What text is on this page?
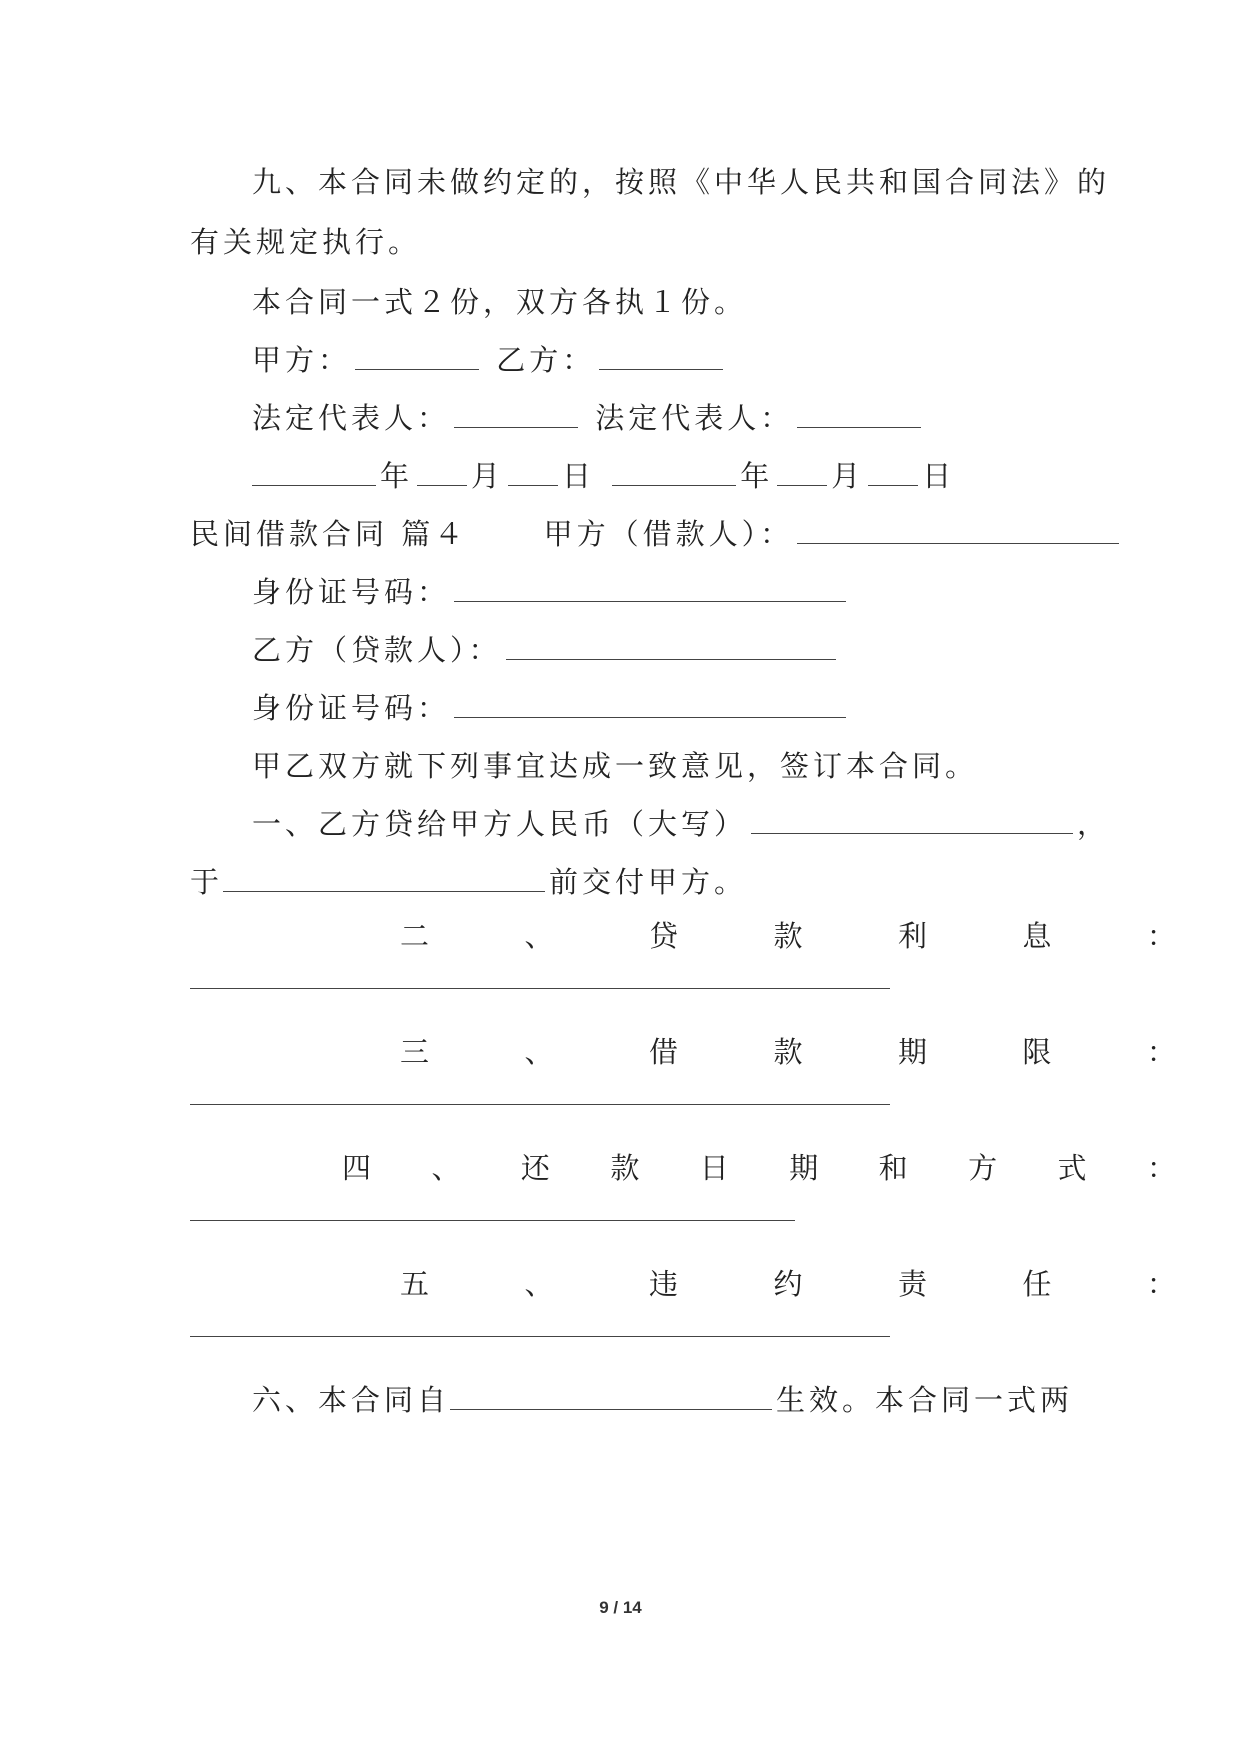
九、本合同未做约定的，按照《中华人民共和国合同法》的
有关规定执行。
本合同一式２份，双方各执１份。
甲方：	乙方：
法定代表人：	法定代表人：
年 月 日	年 月 日
民间借款合同 篇４	甲方（借款人）：
身份证号码：
乙方（贷款人）：
身份证号码：
甲乙双方就下列事宜达成一致意见，签订本合同。
一、乙方贷给甲方人民币（大写）	，
于	前交付甲方。
二	、	贷	款	利	息	：
三	、	借	款	期	限	：
四 、 还 款 日 期 和 方 式 ：
五	、	违	约	责	任	：
六、本合同自	生效。本合同一式两
9 / 14
